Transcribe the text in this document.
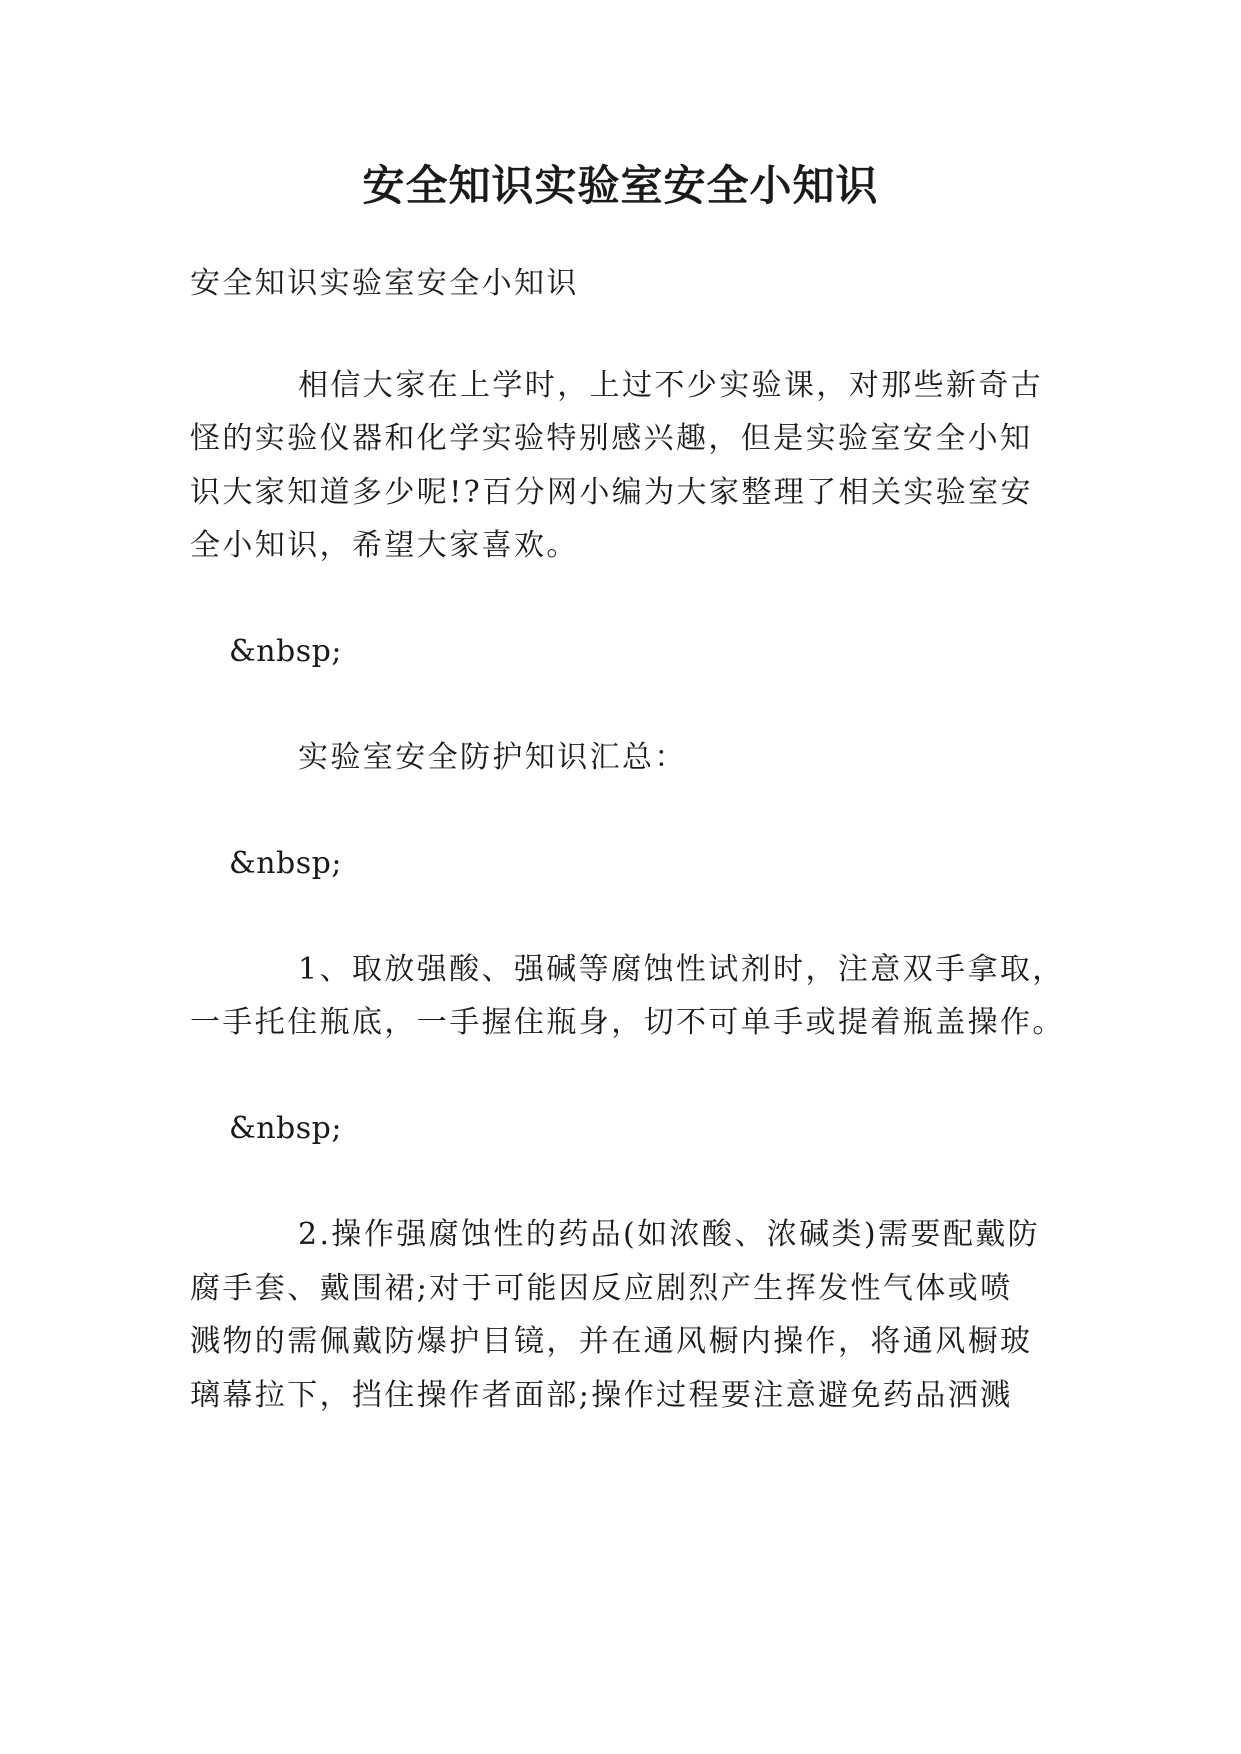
安全知识实验室安全小知识
安全知识实验室安全小知识
相信大家在上学时，上过不少实验课，对那些新奇古
怪的实验仪器和化学实验特别感兴趣，但是实验室安全小知
识大家知道多少呢!?百分网小编为大家整理了相关实验室安
全小知识，希望大家喜欢。
&nbsp;
实验室安全防护知识汇总：
&nbsp;
1、取放强酸、强碱等腐蚀性试剂时，注意双手拿取，
一手托住瓶底，一手握住瓶身，切不可单手或提着瓶盖操作。
&nbsp;
2.操作强腐蚀性的药品(如浓酸、浓碱类)需要配戴防
腐手套、戴围裙;对于可能因反应剧烈产生挥发性气体或喷
溅物的需佩戴防爆护目镜，并在通风橱内操作，将通风橱玻
璃幕拉下，挡住操作者面部;操作过程要注意避免药品洒溅
